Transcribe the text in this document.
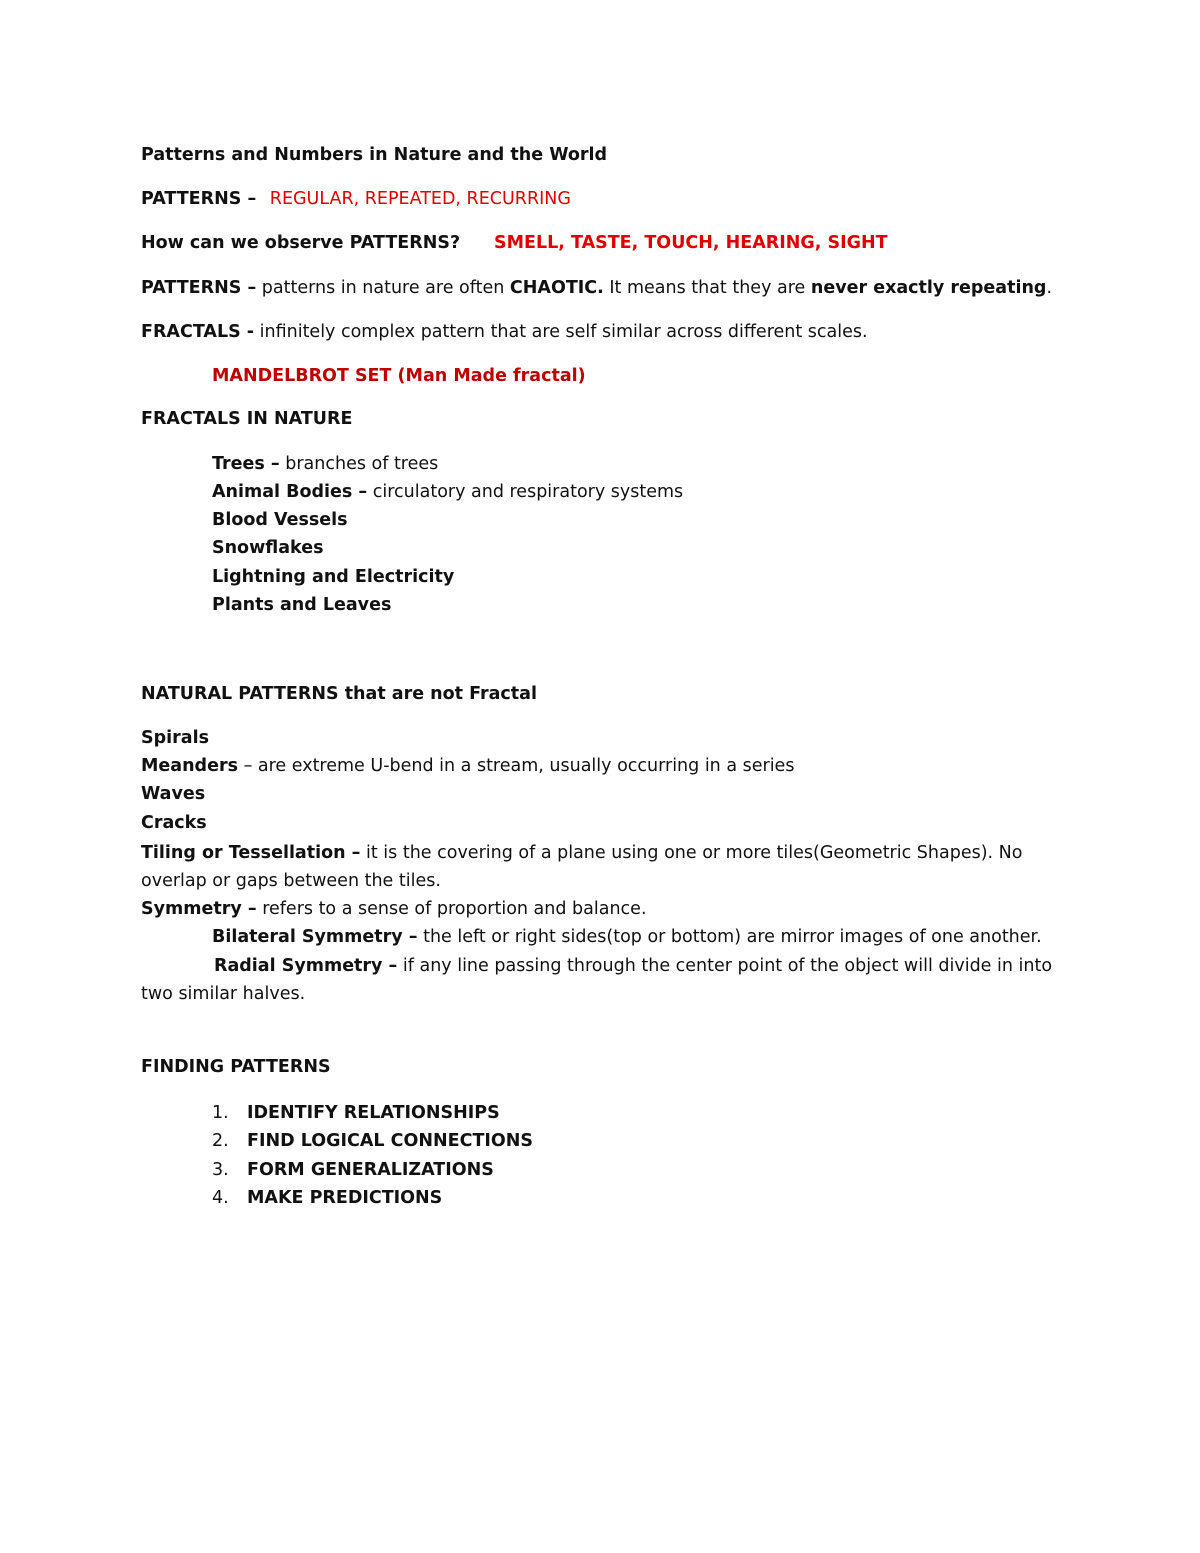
Patterns and Numbers in Nature and the World
PATTERNS – REGULAR, REPEATED, RECURRING
How can we observe PATTERNS? SMELL, TASTE, TOUCH, HEARING, SIGHT
PATTERNS – patterns in nature are often CHAOTIC. It means that they are never exactly repeating.
FRACTALS - infinitely complex pattern that are self similar across different scales.
MANDELBROT SET (Man Made fractal)
FRACTALS IN NATURE
Trees – branches of trees
Animal Bodies – circulatory and respiratory systems
Blood Vessels
Snowflakes
Lightning and Electricity
Plants and Leaves
NATURAL PATTERNS that are not Fractal
Spirals
Meanders – are extreme U-bend in a stream, usually occurring in a series
Waves
Cracks
Tiling or Tessellation – it is the covering of a plane using one or more tiles(Geometric Shapes). No
overlap or gaps between the tiles.
Symmetry – refers to a sense of proportion and balance.
Bilateral Symmetry – the left or right sides(top or bottom) are mirror images of one another.
Radial Symmetry – if any line passing through the center point of the object will divide in into
two similar halves.
FINDING PATTERNS
1. IDENTIFY RELATIONSHIPS
2. FIND LOGICAL CONNECTIONS
3. FORM GENERALIZATIONS
4. MAKE PREDICTIONS
